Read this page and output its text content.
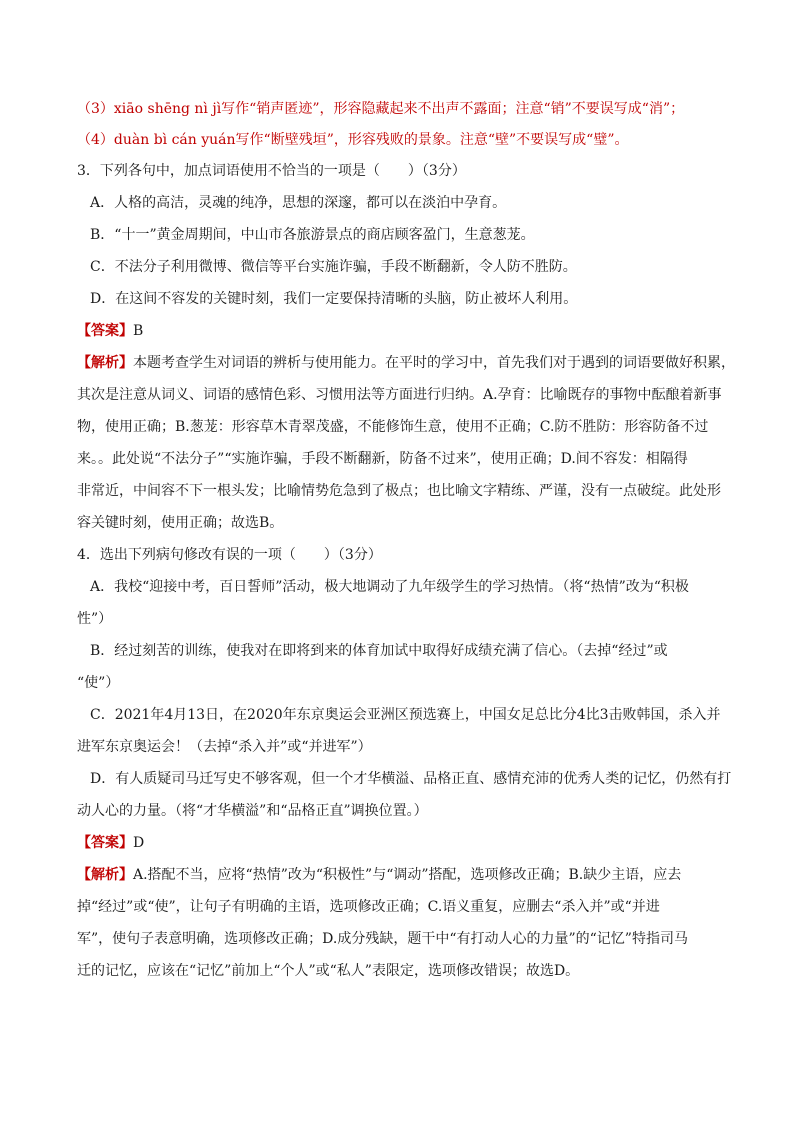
（3）xiāo shēng nì jì写作“销声匿迹”，形容隐藏起来不出声不露面；注意“销”不要误写成“消”；
（4）duàn bì cán yuán写作“断壁残垣”，形容残败的景象。注意“壁”不要误写成“璧”。
3．下列各句中，加点词语使用不恰当的一项是（　　）（3分）
A．人格的高洁，灵魂的纯净，思想的深邃，都可以在淡泊中孕育。
B．“十一”黄金周期间，中山市各旅游景点的商店顾客盈门，生意葱茏。
C．不法分子利用微博、微信等平台实施诈骗，手段不断翻新，令人防不胜防。
D．在这间不容发的关键时刻，我们一定要保持清晰的头脑，防止被坏人利用。
【答案】B
【解析】本题考查学生对词语的辨析与使用能力。在平时的学习中，首先我们对于遇到的词语要做好积累，
其次是注意从词义、词语的感情色彩、习惯用法等方面进行归纳。A.孕育：比喻既存的事物中酝酿着新事
物，使用正确；B.葱茏：形容草木青翠茂盛，不能修饰生意，使用不正确；C.防不胜防：形容防备不过
来。。此处说“不法分子”“实施诈骗，手段不断翻新，防备不过来”，使用正确；D.间不容发：相隔得
非常近，中间容不下一根头发；比喻情势危急到了极点；也比喻文字精练、严谨，没有一点破绽。此处形
容关键时刻，使用正确；故选B。
4．选出下列病句修改有误的一项（　　）（3分）
A．我校“迎接中考，百日誓师”活动，极大地调动了九年级学生的学习热情。（将“热情”改为“积极
性”）
B．经过刻苦的训练，使我对在即将到来的体育加试中取得好成绩充满了信心。（去掉“经过”或
“使”）
C．2021年4月13日，在2020年东京奥运会亚洲区预选赛上，中国女足总比分4比3击败韩国，杀入并
进军东京奥运会！（去掉“杀入并”或“并进军”）
D．有人质疑司马迁写史不够客观，但一个才华横溢、品格正直、感情充沛的优秀人类的记忆，仍然有打
动人心的力量。（将“才华横溢”和“品格正直”调换位置。）
【答案】D
【解析】A.搭配不当，应将“热情”改为“积极性”与“调动”搭配，选项修改正确；B.缺少主语，应去
掉“经过”或“使”，让句子有明确的主语，选项修改正确；C.语义重复，应删去“杀入并”或“并进
军”，使句子表意明确，选项修改正确；D.成分残缺，题干中“有打动人心的力量”的“记忆”特指司马
迁的记忆，应该在“记忆”前加上“个人”或“私人”表限定，选项修改错误；故选D。
